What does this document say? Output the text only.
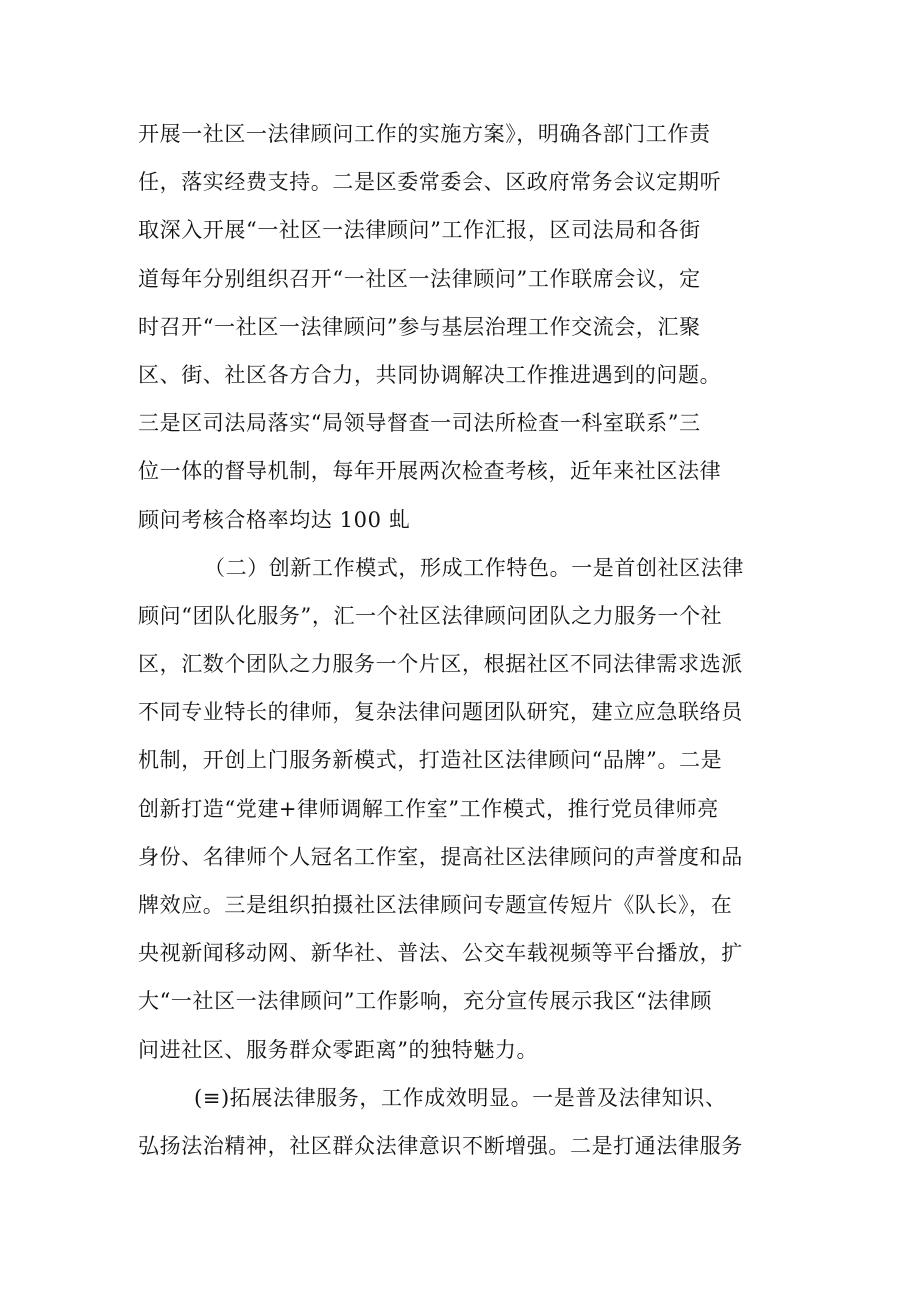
开展一社区一法律顾问工作的实施方案》，明确各部门工作责
任，落实经费支持。二是区委常委会、区政府常务会议定期听
取深入开展“一社区一法律顾问”工作汇报，区司法局和各街
道每年分别组织召开“一社区一法律顾问”工作联席会议，定
时召开“一社区一法律顾问”参与基层治理工作交流会，汇聚
区、街、社区各方合力，共同协调解决工作推进遇到的问题。
三是区司法局落实“局领导督查一司法所检查一科室联系”三
位一体的督导机制，每年开展两次检查考核，近年来社区法律
顾问考核合格率均达 100 虬
（二）创新工作模式，形成工作特色。一是首创社区法律
顾问“团队化服务”，汇一个社区法律顾问团队之力服务一个社
区，汇数个团队之力服务一个片区，根据社区不同法律需求选派
不同专业特长的律师，复杂法律问题团队研究，建立应急联络员
机制，开创上门服务新模式，打造社区法律顾问“品牌”。二是
创新打造“党建+律师调解工作室”工作模式，推行党员律师亮
身份、名律师个人冠名工作室，提高社区法律顾问的声誉度和品
牌效应。三是组织拍摄社区法律顾问专题宣传短片《队长》，在
央视新闻移动网、新华社、普法、公交车载视频等平台播放，扩
大“一社区一法律顾问”工作影响，充分宣传展示我区“法律顾
问进社区、服务群众零距离”的独特魅力。
(≡)拓展法律服务，工作成效明显。一是普及法律知识、
弘扬法治精神，社区群众法律意识不断增强。二是打通法律服务
